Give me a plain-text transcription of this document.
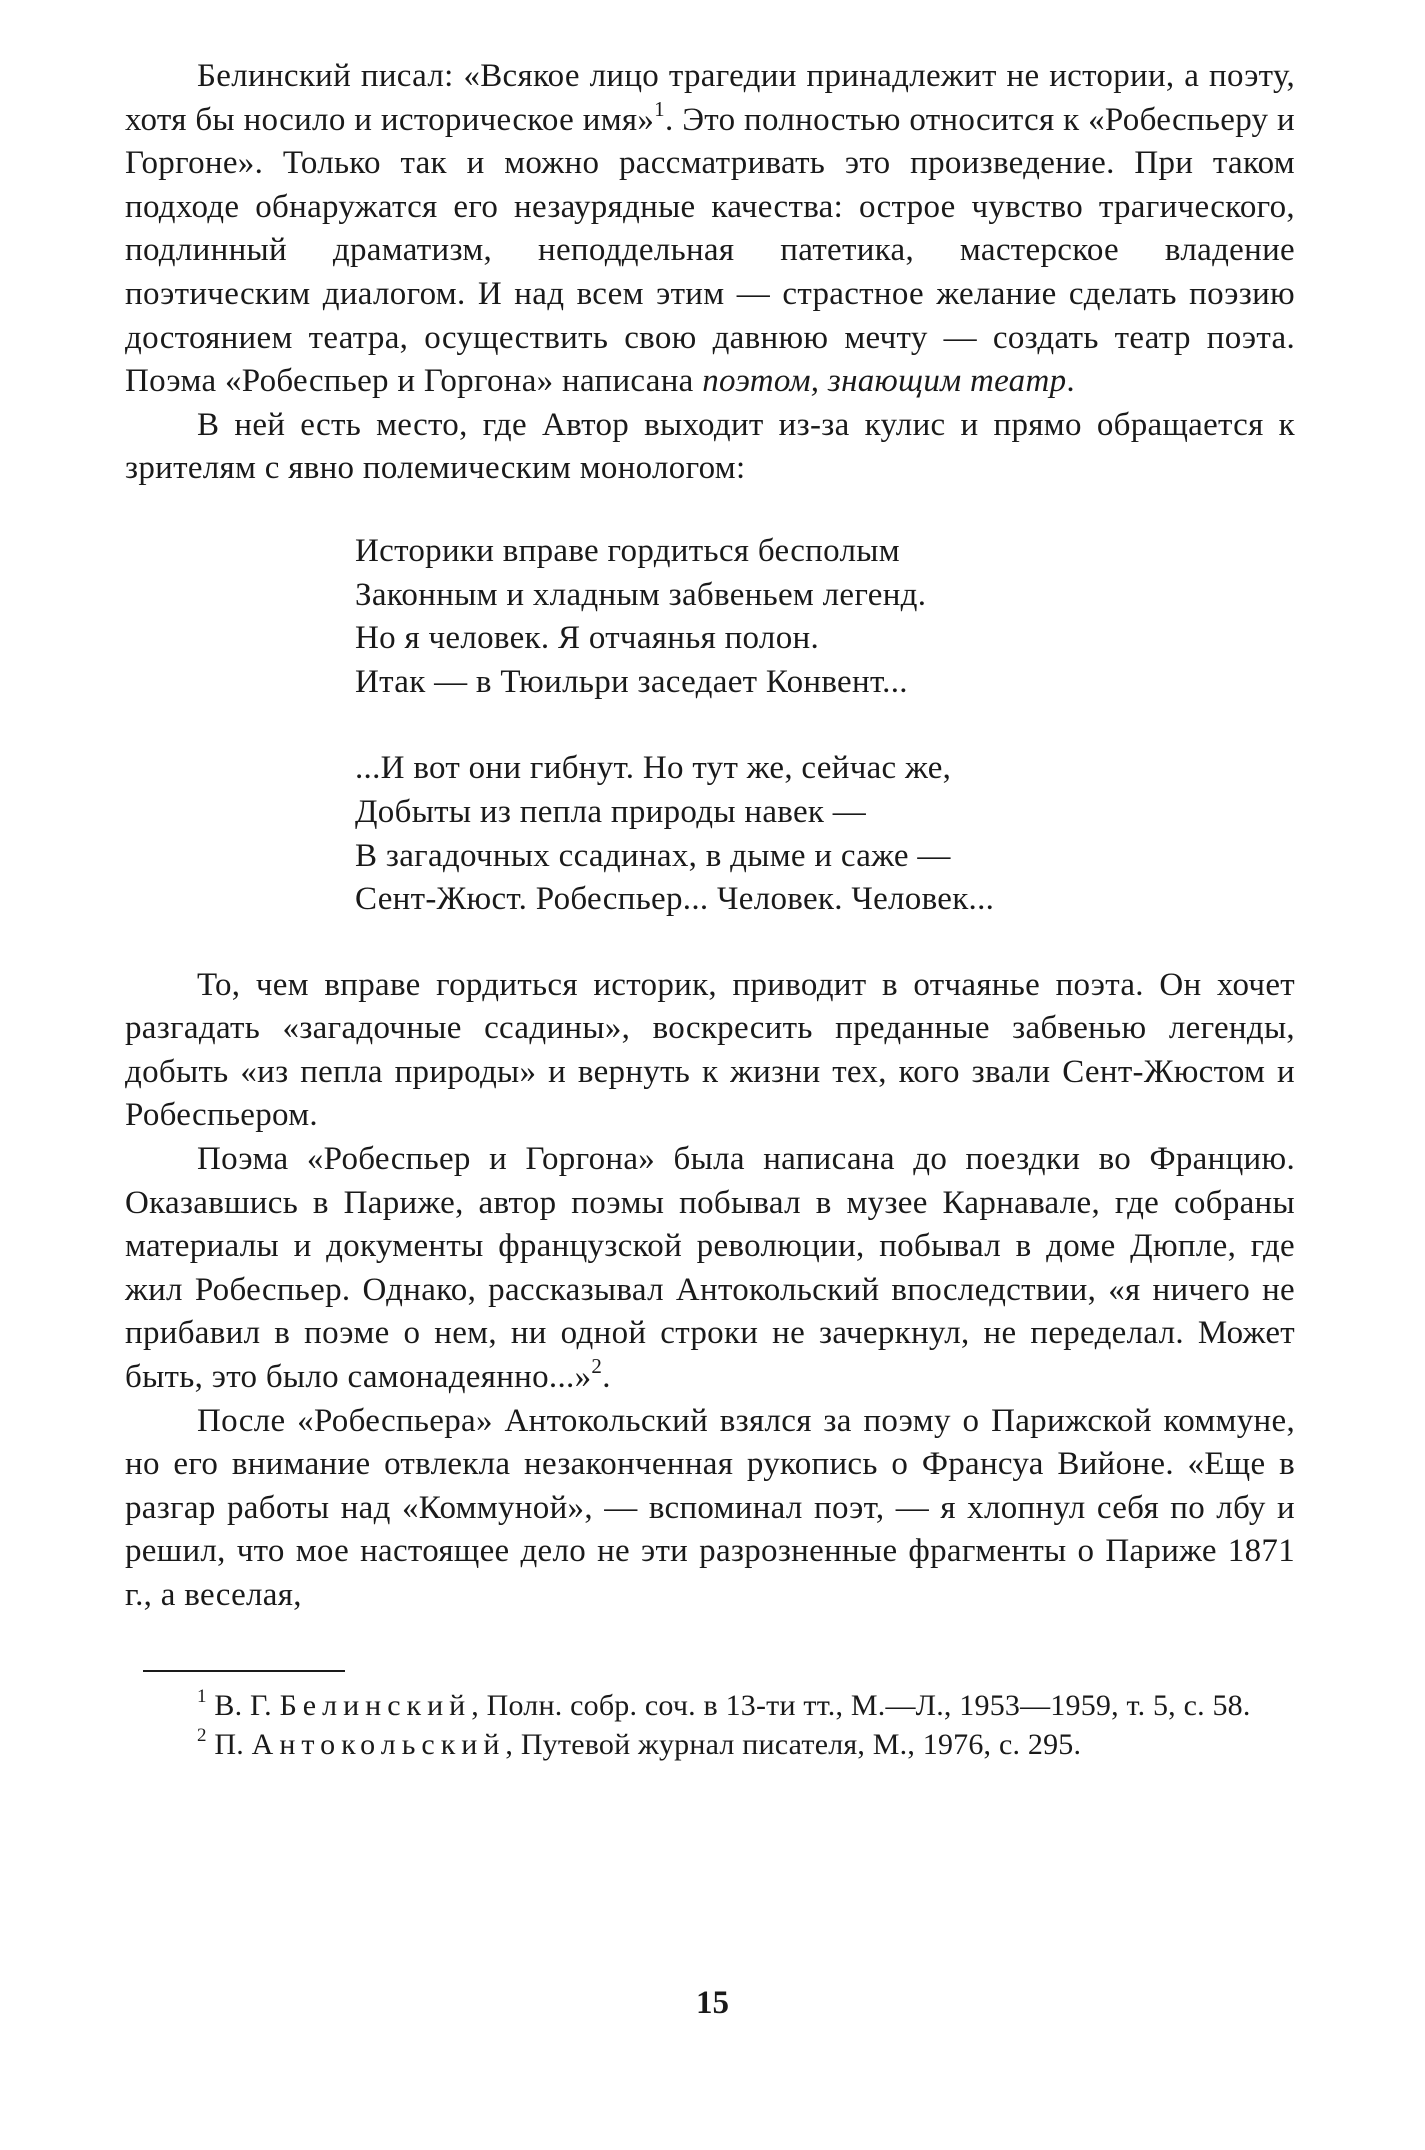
Белинский писал: «Всякое лицо трагедии принадлежит не истории, а поэту, хотя бы носило и историческое имя»$^1$. Это полностью относится к «Робеспьеру и Горгоне». Только так и можно рассматривать это произведение. При таком подходе обнаружатся его незаурядные качества: острое чувство трагического, подлинный драматизм, неподдельная патетика, мастерское владение поэтическим диалогом. И над всем этим — страстное желание сделать поэзию достоянием театра, осуществить свою давнюю мечту — создать театр поэта. Поэма «Робеспьер и Горгона» написана поэтом, знающим театр.

В ней есть место, где Автор выходит из-за кулис и прямо обращается к зрителям с явно полемическим монологом:

Историки вправе гордиться бесполым
Законным и хладным забвеньем легенд.
Но я человек. Я отчаянья полон.
Итак — в Тюильри заседает Конвент...
...И вот они гибнут. Но тут же, сейчас же,
Добыты из пепла природы навек —
В загадочных ссадинах, в дыме и саже —
Сент-Жюст. Робеспьер... Человек. Человек...

То, чем вправе гордиться историк, приводит в отчаянье поэта. Он хочет разгадать «загадочные ссадины», воскресить преданные забвенью легенды, добыть «из пепла природы» и вернуть к жизни тех, кого звали Сент-Жюстом и Робеспьером.

Поэма «Робеспьер и Горгона» была написана до поездки во Францию. Оказавшись в Париже, автор поэмы побывал в музее Карнавале, где собраны материалы и документы французской революции, побывал в доме Дюпле, где жил Робеспьер. Однако, рассказывал Антокольский впоследствии, «я ничего не прибавил в поэме о нем, ни одной строки не зачеркнул, не переделал. Может быть, это было самонадеянно...»$^2$.

После «Робеспьера» Антокольский взялся за поэму о Парижской коммуне, но его внимание отвлекла незаконченная рукопись о Франсуа Вийоне. «Еще в разгар работы над «Коммуной», — вспоминал поэт, — я хлопнул себя по лбу и решил, что мое настоящее дело не эти разрозненные фрагменты о Париже 1871 г., а веселая,

$^1$ В. Г. Белинский, Полн. собр. соч. в 13-ти тт., М.—Л., 1953—1959, т. 5, с. 58.

$^2$ П. Антокольский, Путевой журнал писателя, М., 1976, с. 295.

15
